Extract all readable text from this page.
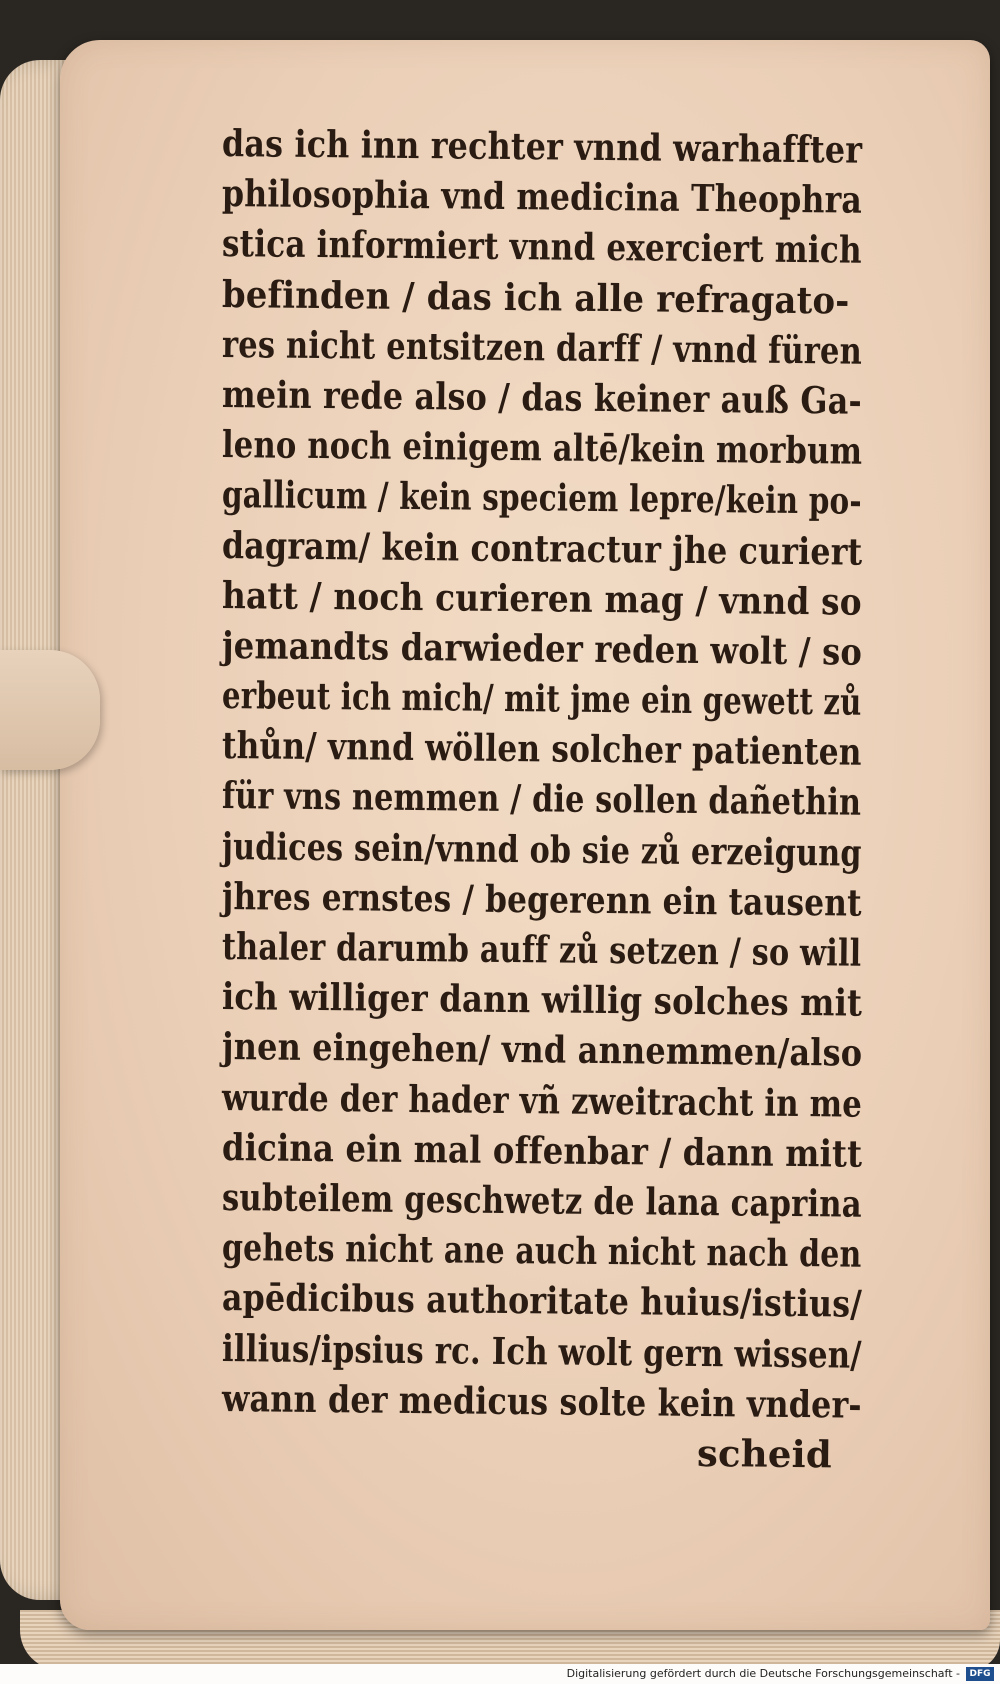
das ich inn rechter vnnd warhaffter
philosophia vnd medicina Theophra
stica informiert vnnd exerciert mich
befinden / das ich alle refragato-
res nicht entsitzen darff / vnnd füren
mein rede also / das keiner auß Ga-
leno noch einigem altē/kein morbum
gallicum / kein speciem lepre/kein po-
dagram/ kein contractur jhe curiert
hatt / noch curieren mag / vnnd so
jemandts darwieder reden wolt / so
erbeut ich mich/ mit jme ein gewett zů
thůn/ vnnd wöllen solcher patienten
für vns nemmen / die sollen dañethin
judices sein/vnnd ob sie zů erzeigung
jhres ernstes / begerenn ein tausent
thaler darumb auff zů setzen / so will
ich williger dann willig solches mit
jnen eingehen/ vnd annemmen/also
wurde der hader vñ zweitracht in me
dicina ein mal offenbar / dann mitt
subteilem geschwetz de lana caprina
gehets nicht ane auch nicht nach den
apēdicibus authoritate huius/istius/
illius/ipsius rc. Ich wolt gern wissen/
wann der medicus solte kein vnder-
scheid
Digitalisierung gefördert durch die Deutsche Forschungsgemeinschaft -	DFG
